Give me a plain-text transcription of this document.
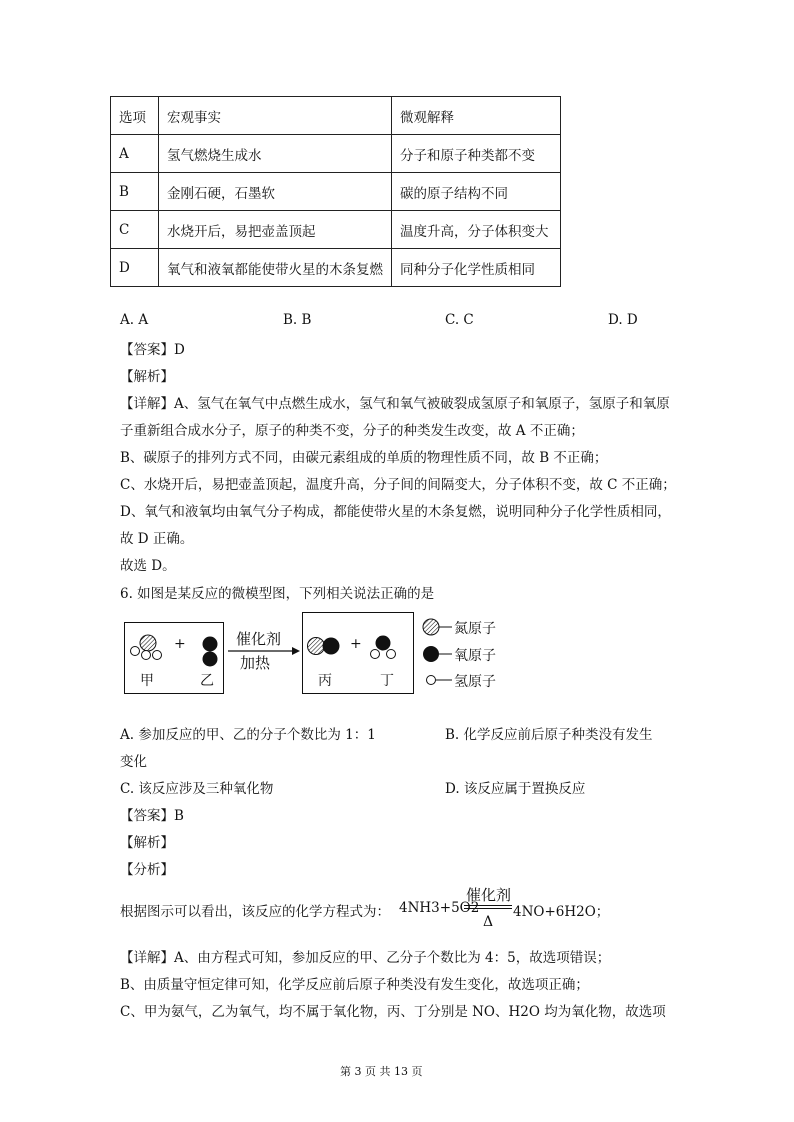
选项	宏观事实	微观解释
A	氢气燃烧生成水	分子和原子种类都不变
B	金刚石硬，石墨软	碳的原子结构不同
C	水烧开后，易把壶盖顶起	温度升高，分子体积变大
D	氧气和液氧都能使带火星的木条复燃	同种分子化学性质相同
A. A	B. B	C. C	D. D
【答案】D
【解析】
【详解】A、氢气在氧气中点燃生成水，氢气和氧气被破裂成氢原子和氧原子，氢原子和氧原
子重新组合成水分子，原子的种类不变，分子的种类发生改变，故 A 不正确；
B、碳原子的排列方式不同，由碳元素组成的单质的物理性质不同，故 B 不正确；
C、水烧开后，易把壶盖顶起，温度升高，分子间的间隔变大，分子体积不变，故 C 不正确；
D、氧气和液氧均由氧气分子构成，都能使带火星的木条复燃，说明同种分子化学性质相同，
故 D 正确。
故选 D。
6. 如图是某反应的微模型图，下列相关说法正确的是
+	+
甲	乙	丙	丁
催化剂
加热
氮原子
氧原子
氢原子
A. 参加反应的甲、乙的分子个数比为 1：1	B. 化学反应前后原子种类没有发生
变化
C. 该反应涉及三种氧化物	D. 该反应属于置换反应
【答案】B
【解析】
【分析】
根据图示可以看出，该反应的化学方程式为： 4NH3+5O2
催化剂
Δ
4NO+6H2O；
【详解】A、由方程式可知，参加反应的甲、乙分子个数比为 4：5，故选项错误；
B、由质量守恒定律可知，化学反应前后原子种类没有发生变化，故选项正确；
C、甲为氨气，乙为氧气，均不属于氧化物，丙、丁分别是 NO、H2O 均为氧化物，故选项
第 3 页 共 13 页
